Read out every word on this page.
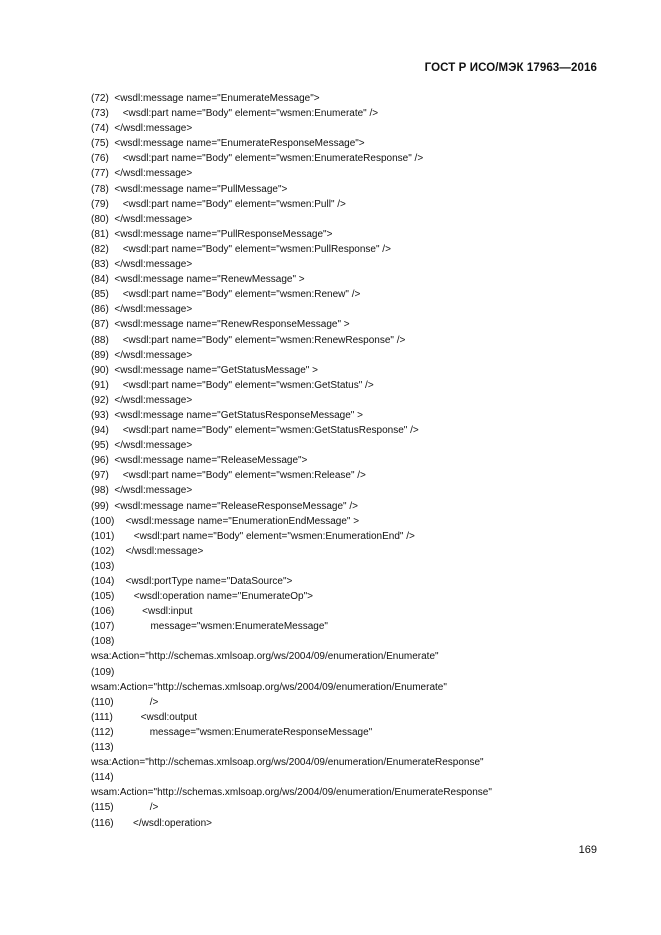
ГОСТ Р ИСО/МЭК 17963—2016
(72)  <wsdl:message name="EnumerateMessage">
(73)     <wsdl:part name="Body" element="wsmen:Enumerate" />
(74)  </wsdl:message>
(75)  <wsdl:message name="EnumerateResponseMessage">
(76)     <wsdl:part name="Body" element="wsmen:EnumerateResponse" />
(77)  </wsdl:message>
(78)  <wsdl:message name="PullMessage">
(79)     <wsdl:part name="Body" element="wsmen:Pull" />
(80)  </wsdl:message>
(81)  <wsdl:message name="PullResponseMessage">
(82)     <wsdl:part name="Body" element="wsmen:PullResponse" />
(83)  </wsdl:message>
(84)  <wsdl:message name="RenewMessage" >
(85)     <wsdl:part name="Body" element="wsmen:Renew" />
(86)  </wsdl:message>
(87)  <wsdl:message name="RenewResponseMessage" >
(88)     <wsdl:part name="Body" element="wsmen:RenewResponse" />
(89)  </wsdl:message>
(90)  <wsdl:message name="GetStatusMessage" >
(91)     <wsdl:part name="Body" element="wsmen:GetStatus" />
(92)  </wsdl:message>
(93)  <wsdl:message name="GetStatusResponseMessage" >
(94)     <wsdl:part name="Body" element="wsmen:GetStatusResponse" />
(95)  </wsdl:message>
(96)  <wsdl:message name="ReleaseMessage">
(97)     <wsdl:part name="Body" element="wsmen:Release" />
(98)  </wsdl:message>
(99)  <wsdl:message name="ReleaseResponseMessage" />
(100)    <wsdl:message name="EnumerationEndMessage" >
(101)       <wsdl:part name="Body" element="wsmen:EnumerationEnd" />
(102)    </wsdl:message>
(103)
(104)    <wsdl:portType name="DataSource">
(105)       <wsdl:operation name="EnumerateOp">
(106)          <wsdl:input
(107)             message="wsmen:EnumerateMessage"
(108)
wsa:Action="http://schemas.xmlsoap.org/ws/2004/09/enumeration/Enumerate"
(109)
wsam:Action="http://schemas.xmlsoap.org/ws/2004/09/enumeration/Enumerate"
(110)             />
(111)          <wsdl:output
(112)             message="wsmen:EnumerateResponseMessage"
(113)
wsa:Action="http://schemas.xmlsoap.org/ws/2004/09/enumeration/EnumerateResponse"
(114)
wsam:Action="http://schemas.xmlsoap.org/ws/2004/09/enumeration/EnumerateResponse"
(115)             />
(116)       </wsdl:operation>
169
